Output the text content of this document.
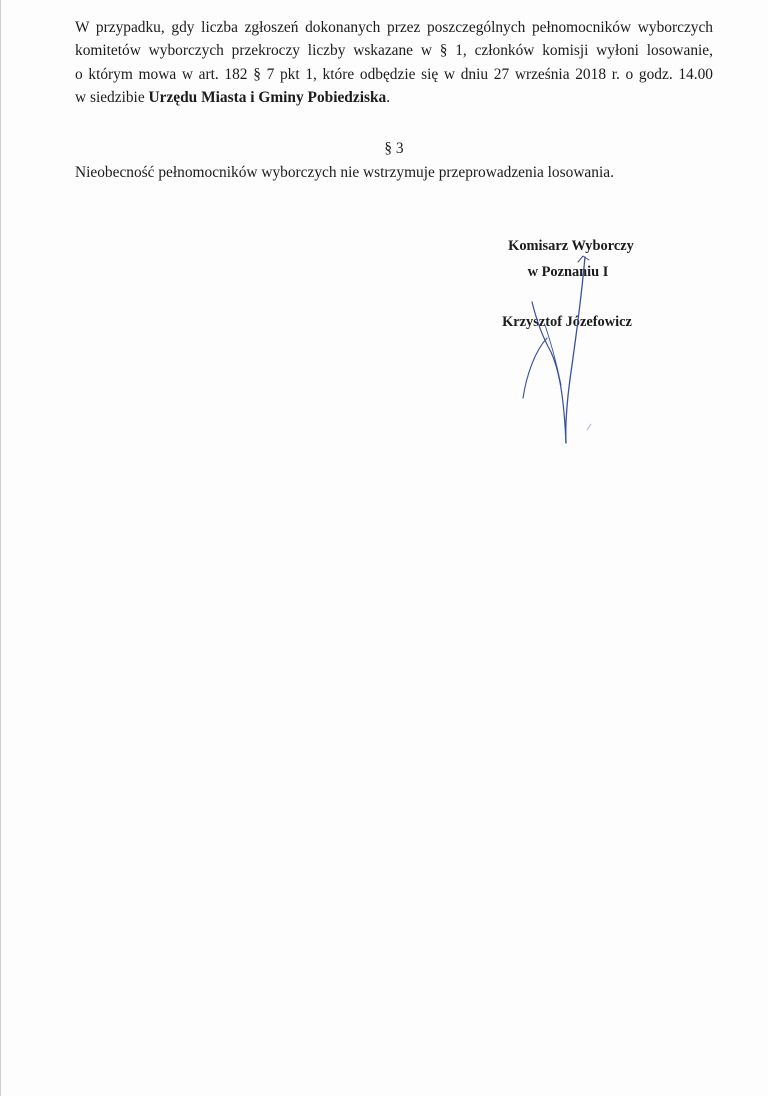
W przypadku, gdy liczba zgłoszeń dokonanych przez poszczególnych pełnomocników wyborczych
komitetów wyborczych przekroczy liczby wskazane w § 1, członków komisji wyłoni losowanie,
o którym mowa w art. 182 § 7 pkt 1, które odbędzie się w dniu 27 września 2018 r. o godz. 14.00
w siedzibie Urzędu Miasta i Gminy Pobiedziska.

§ 3

Nieobecność pełnomocników wyborczych nie wstrzymuje przeprowadzenia losowania.

Komisarz Wyborczy
w Poznaniu I
Krzysztof Józefowicz
